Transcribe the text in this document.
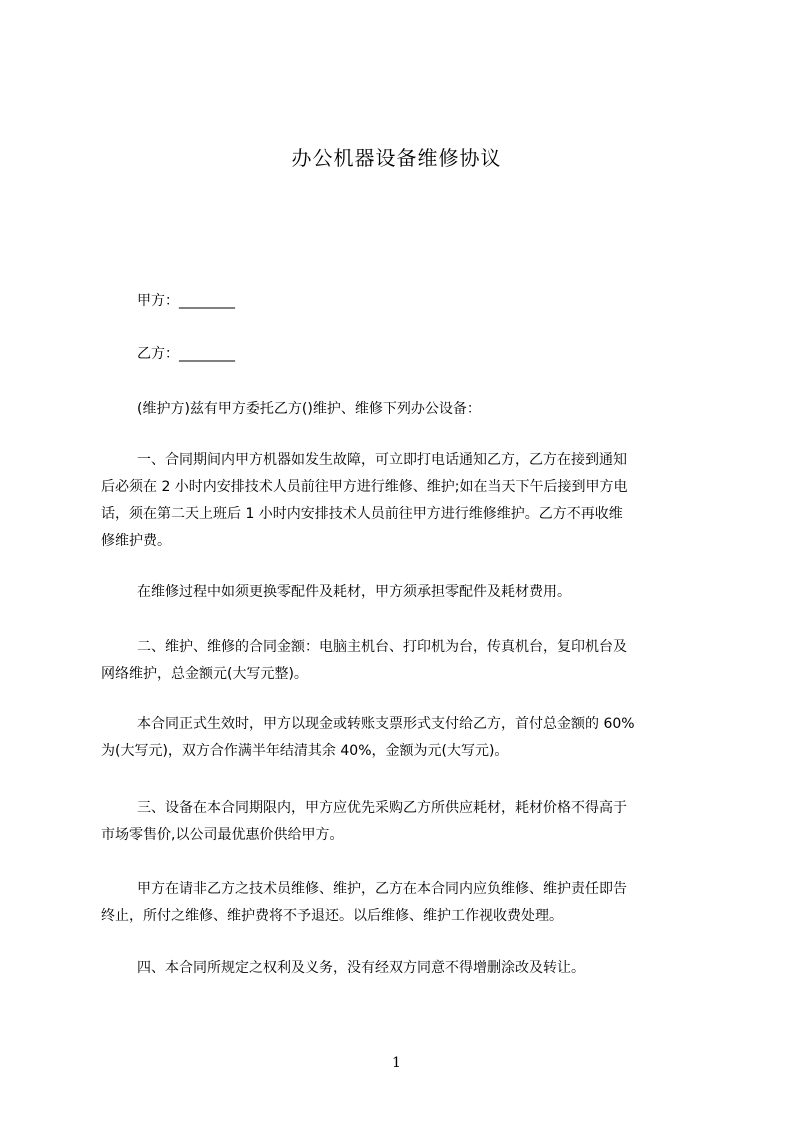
办公机器设备维修协议
甲方：________
乙方：________
(维护方)兹有甲方委托乙方()维护、维修下列办公设备：
一、合同期间内甲方机器如发生故障，可立即打电话通知乙方，乙方在接到通知
后必须在 2 小时内安排技术人员前往甲方进行维修、维护;如在当天下午后接到甲方电
话，须在第二天上班后 1 小时内安排技术人员前往甲方进行维修维护。乙方不再收维
修维护费。
在维修过程中如须更换零配件及耗材，甲方须承担零配件及耗材费用。
二、维护、维修的合同金额：电脑主机台、打印机为台，传真机台，复印机台及
网络维护，总金额元(大写元整)。
本合同正式生效时，甲方以现金或转账支票形式支付给乙方，首付总金额的 60%
为(大写元)，双方合作满半年结清其余 40%，金额为元(大写元)。
三、设备在本合同期限内，甲方应优先采购乙方所供应耗材，耗材价格不得高于
市场零售价,以公司最优惠价供给甲方。
甲方在请非乙方之技术员维修、维护，乙方在本合同内应负维修、维护责任即告
终止，所付之维修、维护费将不予退还。以后维修、维护工作视收费处理。
四、本合同所规定之权利及义务，没有经双方同意不得增删涂改及转让。
1
